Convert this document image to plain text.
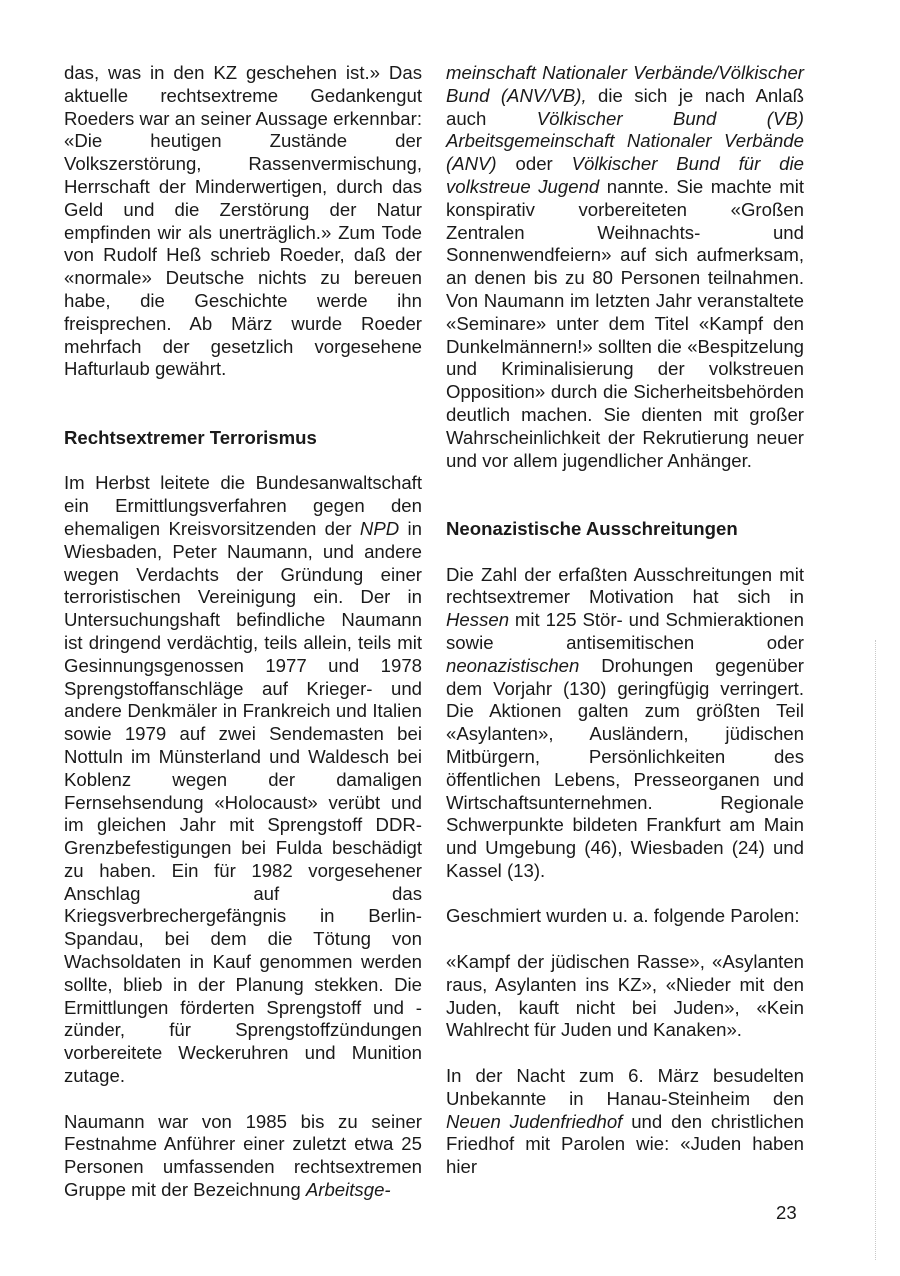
das, was in den KZ geschehen ist.» Das aktuelle rechtsextreme Gedankengut Roeders war an seiner Aussage erkennbar: «Die heutigen Zustände der Volkszerstörung, Rassenvermischung, Herrschaft der Minderwertigen, durch das Geld und die Zerstörung der Natur empfinden wir als unerträglich.» Zum Tode von Rudolf Heß schrieb Roeder, daß der «normale» Deutsche nichts zu bereuen habe, die Geschichte werde ihn freisprechen. Ab März wurde Roeder mehrfach der gesetzlich vorgesehene Hafturlaub gewährt.

Rechtsextremer Terrorismus

Im Herbst leitete die Bundesanwaltschaft ein Ermittlungsverfahren gegen den ehemaligen Kreisvorsitzenden der NPD in Wiesbaden, Peter Naumann, und andere wegen Verdachts der Gründung einer terroristischen Vereinigung ein. Der in Untersuchungshaft befindliche Naumann ist dringend verdächtig, teils allein, teils mit Gesinnungsgenossen 1977 und 1978 Sprengstoffanschläge auf Krieger- und andere Denkmäler in Frankreich und Italien sowie 1979 auf zwei Sendemasten bei Nottuln im Münsterland und Waldesch bei Koblenz wegen der damaligen Fernsehsendung «Holocaust» verübt und im gleichen Jahr mit Sprengstoff DDR-Grenzbefestigungen bei Fulda beschädigt zu haben. Ein für 1982 vorgesehener Anschlag auf das Kriegsverbrechergefängnis in Berlin-Spandau, bei dem die Tötung von Wachsoldaten in Kauf genommen werden sollte, blieb in der Planung stekken. Die Ermittlungen förderten Sprengstoff und -zünder, für Sprengstoffzündungen vorbereitete Weckeruhren und Munition zutage.

Naumann war von 1985 bis zu seiner Festnahme Anführer einer zuletzt etwa 25 Personen umfassenden rechtsextremen Gruppe mit der Bezeichnung Arbeitsge-

meinschaft Nationaler Verbände/Völkischer Bund (ANV/VB), die sich je nach Anlaß auch Völkischer Bund (VB) Arbeitsgemeinschaft Nationaler Verbände (ANV) oder Völkischer Bund für die volkstreue Jugend nannte. Sie machte mit konspirativ vorbereiteten «Großen Zentralen Weihnachts- und Sonnenwendfeiern» auf sich aufmerksam, an denen bis zu 80 Personen teilnahmen. Von Naumann im letzten Jahr veranstaltete «Seminare» unter dem Titel «Kampf den Dunkelmännern!» sollten die «Bespitzelung und Kriminalisierung der volkstreuen Opposition» durch die Sicherheitsbehörden deutlich machen. Sie dienten mit großer Wahrscheinlichkeit der Rekrutierung neuer und vor allem jugendlicher Anhänger.

Neonazistische Ausschreitungen

Die Zahl der erfaßten Ausschreitungen mit rechtsextremer Motivation hat sich in Hessen mit 125 Stör- und Schmieraktionen sowie antisemitischen oder neonazistischen Drohungen gegenüber dem Vorjahr (130) geringfügig verringert. Die Aktionen galten zum größten Teil «Asylanten», Ausländern, jüdischen Mitbürgern, Persönlichkeiten des öffentlichen Lebens, Presseorganen und Wirtschaftsunternehmen. Regionale Schwerpunkte bildeten Frankfurt am Main und Umgebung (46), Wiesbaden (24) und Kassel (13).

Geschmiert wurden u. a. folgende Parolen:

«Kampf der jüdischen Rasse», «Asylanten raus, Asylanten ins KZ», «Nieder mit den Juden, kauft nicht bei Juden», «Kein Wahlrecht für Juden und Kanaken».

In der Nacht zum 6. März besudelten Unbekannte in Hanau-Steinheim den Neuen Judenfriedhof und den christlichen Friedhof mit Parolen wie: «Juden haben hier

23
